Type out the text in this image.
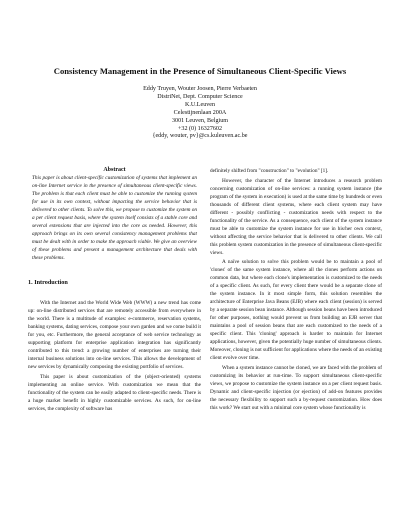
Consistency Management in the Presence of Simultaneous Client-Specific Views
Eddy Truyen, Wouter Joosen, Pierre Verbaeten
DistriNet, Dept. Computer Science
K.U.Leuven
Celestijnenlaan 200A
3001 Leuven, Belgium
+32 (0) 16327602
{eddy, wouter, pv}@cs.kuleuven.ac.be
Abstract

This paper is about client-specific customization of systems that implement an on-line Internet service in the presence of simultaneous client-specific views. The problem is that each client must be able to customize the running system for use in its own context, without impacting the service behavior that is delivered to other clients. To solve this, we propose to customize the system on a per client request basis, where the system itself consists of a stable core and several extensions that are injected into the core as needed. However, this approach brings on its own several consistency management problems that must be dealt with in order to make the approach viable. We give an overview of these problems and present a management architecture that deals with these problems.

1. Introduction

With the Internet and the World Wide Web (WWW) a new trend has come up: on-line distributed services that are remotely accessible from everywhere in the world. There is a multitude of examples: e-commerce, reservation systems, banking systems, dating services, compose your own garden and we come build it for you, etc. Furthermore, the general acceptance of web service technology as supporting platform for enterprise application integration has significantly contributed to this trend: a growing number of enterprises are turning their internal business solutions into on-line services. This allows the development of new services by dynamically composing the existing portfolio of services.

This paper is about customization of the (object-oriented) systems implementing an online service. With customization we mean that the functionality of the system can be easily adapted to client-specific needs. There is a huge market benefit in highly customizable services. As such, for on-line services, the complexity of software has

definitely shifted from "construction" to "evolution" [1].

However, the character of the Internet introduces a research problem concerning customization of on-line services: a running system instance (the program of the system in execution) is used at the same time by hundreds or even thousands of different client systems, where each client system may have different - possibly conflicting - customization needs with respect to the functionality of the service. As a consequence, each client of the system instance must be able to customize the system instance for use in his/her own context, without affecting the service behavior that is delivered to other clients. We call this problem system customization in the presence of simultaneous client-specific views.

A naïve solution to solve this problem would be to maintain a pool of 'clones' of the same system instance, where all the clones perform actions on common data, but where each clone's implementation is customized to the needs of a specific client. As such, for every client there would be a separate clone of the system instance. In it most simple form, this solution resembles the architecture of Enterprise Java Beans (EJB) where each client (session) is served by a separate session bean instance. Although session beans have been introduced for other purposes, nothing would prevent us from building an EJB server that maintains a pool of session beans that are each customized to the needs of a specific client. This 'cloning' approach is harder to maintain for Internet applications, however, given the potentially huge number of simultaneous clients. Moreover, cloning is not sufficient for applications where the needs of an existing client evolve over time.

When a system instance cannot be cloned, we are faced with the problem of customizing its behavior at run-time. To support simultaneous client-specific views, we propose to customize the system instance on a per client request basis. Dynamic and client-specific injection (or ejection) of add-on features provides the necessary flexibility to support such a by-request customization. How does this work? We start out with a minimal core system whose functionality is
